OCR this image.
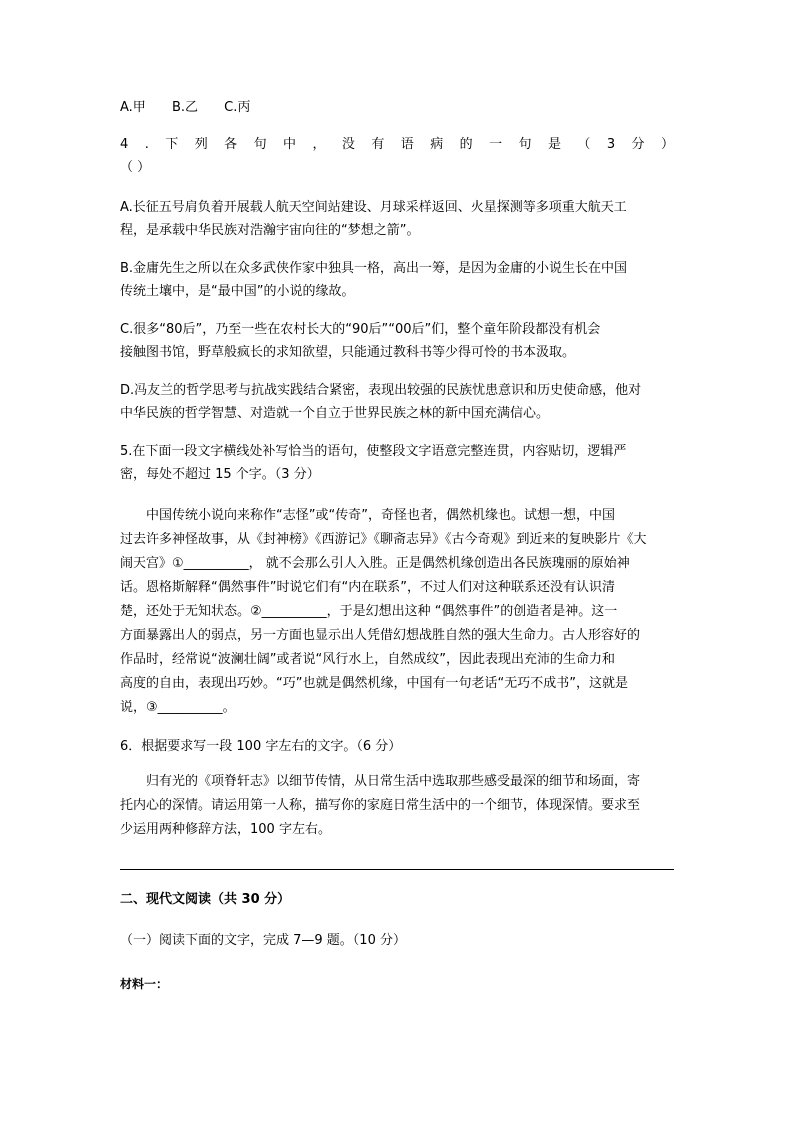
A.甲 B.乙 C.丙
4 . 下 列 各 句 中 ， 没 有 语 病 的 一 句 是 （ 3 分 ）
（ ）
A.长征五号肩负着开展载人航天空间站建设、月球采样返回、火星探测等多项重大航天工
程，是承载中华民族对浩瀚宇宙向往的“梦想之箭”。
B.金庸先生之所以在众多武侠作家中独具一格，高出一筹，是因为金庸的小说生长在中国
传统土壤中，是“最中国”的小说的缘故。
C.很多“80后”，乃至一些在农村长大的“90后”“00后”们，整个童年阶段都没有机会
接触图书馆，野草般疯长的求知欲望，只能通过教科书等少得可怜的书本汲取。
D.冯友兰的哲学思考与抗战实践结合紧密，表现出较强的民族忧患意识和历史使命感，他对
中华民族的哲学智慧、对造就一个自立于世界民族之林的新中国充满信心。
5.在下面一段文字横线处补写恰当的语句，使整段文字语意完整连贯，内容贴切，逻辑严
密，每处不超过 15 个字。（3 分）
中国传统小说向来称作“志怪”或“传奇”，奇怪也者，偶然机缘也。试想一想，中国
过去许多神怪故事，从《封神榜》《西游记》《聊斋志异》《古今奇观》到近来的复映影片《大
闹天宫》①__________， 就不会那么引人入胜。正是偶然机缘创造出各民族瑰丽的原始神
话。恩格斯解释“偶然事件”时说它们有“内在联系”，不过人们对这种联系还没有认识清
楚，还处于无知状态。②__________，于是幻想出这种 “偶然事件”的创造者是神。这一
方面暴露出人的弱点，另一方面也显示出人凭借幻想战胜自然的强大生命力。古人形容好的
作品时，经常说“波澜壮阔”或者说“风行水上，自然成纹”，因此表现出充沛的生命力和
高度的自由，表现出巧妙。“巧”也就是偶然机缘，中国有一句老话“无巧不成书”，这就是
说，③__________。
6．根据要求写一段 100 字左右的文字。（6 分）
归有光的《项脊轩志》以细节传情，从日常生活中选取那些感受最深的细节和场面，寄
托内心的深情。请运用第一人称，描写你的家庭日常生活中的一个细节，体现深情。要求至
少运用两种修辞方法，100 字左右。
二、现代文阅读（共 30 分）
（一）阅读下面的文字，完成 7—9 题。（10 分）
材料一：
